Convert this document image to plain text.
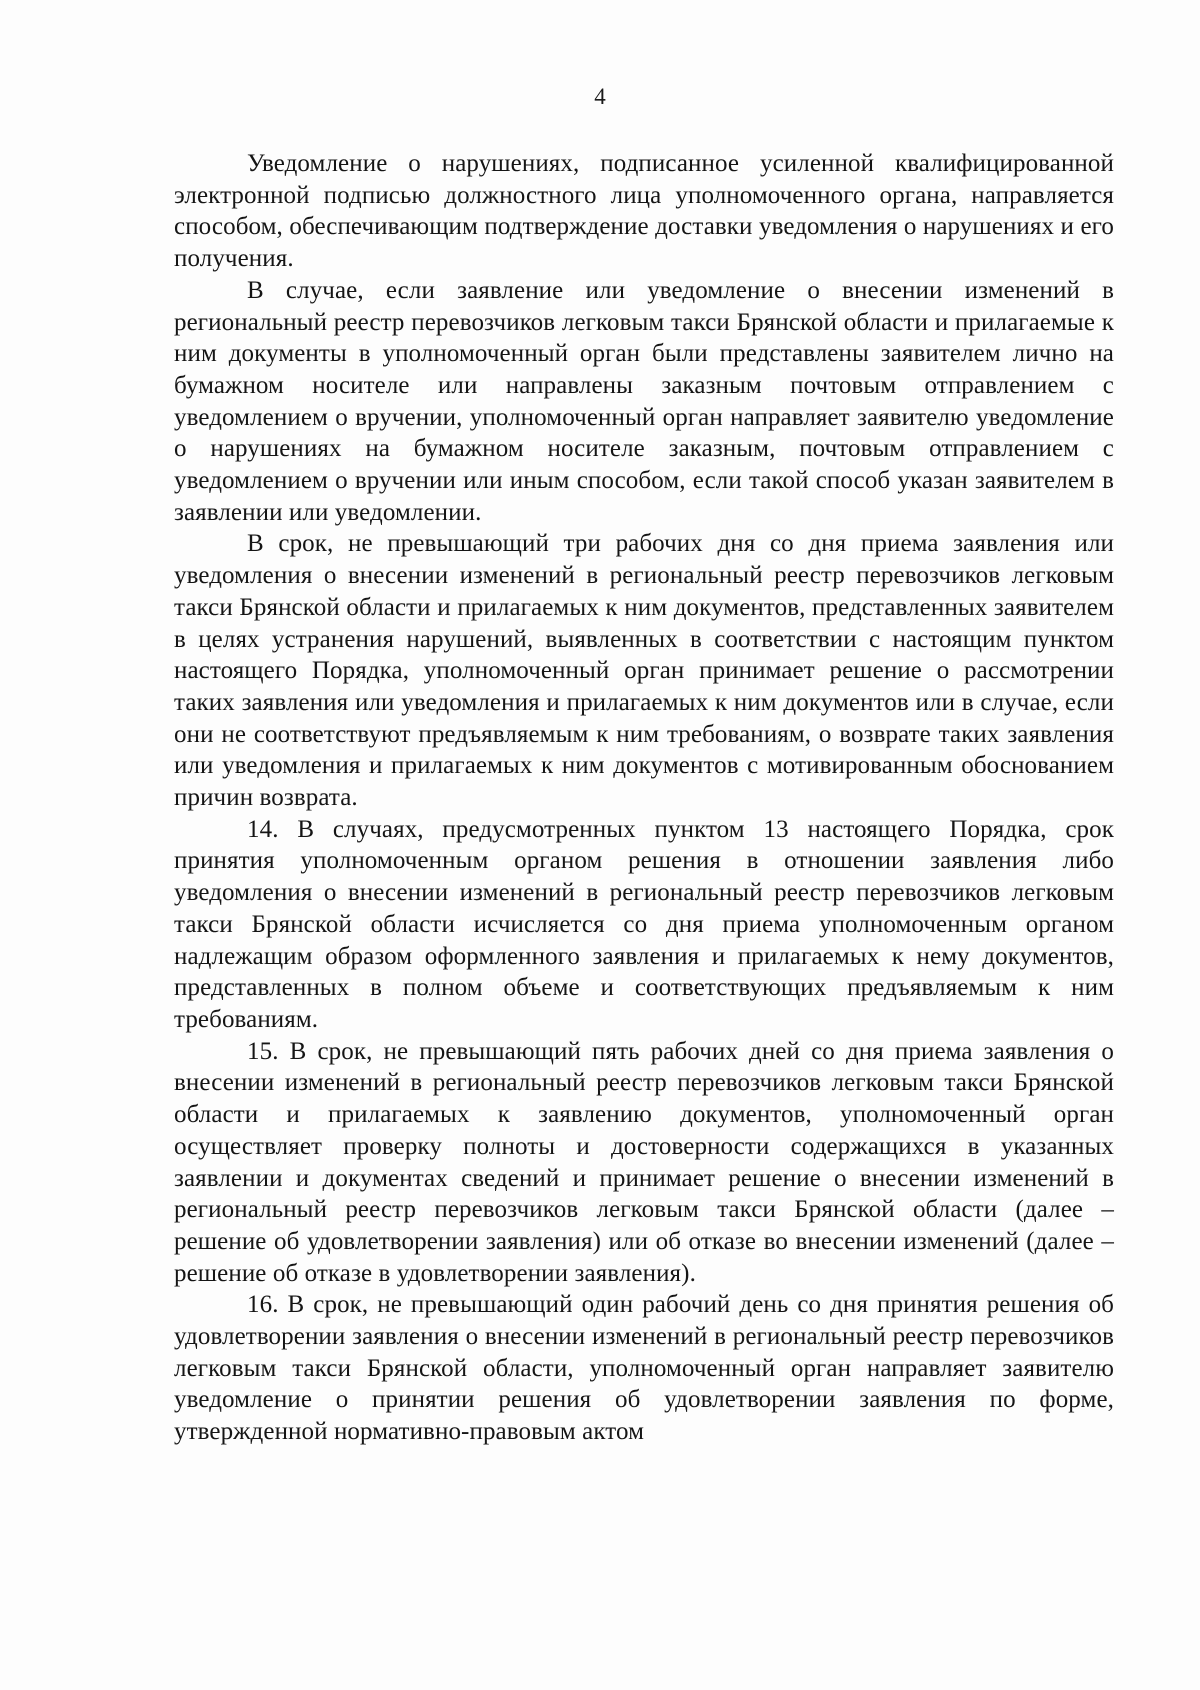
4

Уведомление о нарушениях, подписанное усиленной квалифицированной электронной подписью должностного лица уполномоченного органа, направляется способом, обеспечивающим подтверждение доставки уведомления о нарушениях и его получения.

В случае, если заявление или уведомление о внесении изменений в региональный реестр перевозчиков легковым такси Брянской области и прилагаемые к ним документы в уполномоченный орган были представлены заявителем лично на бумажном носителе или направлены заказным почтовым отправлением с уведомлением о вручении, уполномоченный орган направляет заявителю уведомление о нарушениях на бумажном носителе заказным, почтовым отправлением с уведомлением о вручении или иным способом, если такой способ указан заявителем в заявлении или уведомлении.

В срок, не превышающий три рабочих дня со дня приема заявления или уведомления о внесении изменений в региональный реестр перевозчиков легковым такси Брянской области и прилагаемых к ним документов, представленных заявителем в целях устранения нарушений, выявленных в соответствии с настоящим пунктом настоящего Порядка, уполномоченный орган принимает решение о рассмотрении таких заявления или уведомления и прилагаемых к ним документов или в случае, если они не соответствуют предъявляемым к ним требованиям, о возврате таких заявления или уведомления и прилагаемых к ним документов с мотивированным обоснованием причин возврата.

14. В случаях, предусмотренных пунктом 13 настоящего Порядка, срок принятия уполномоченным органом решения в отношении заявления либо уведомления о внесении изменений в региональный реестр перевозчиков легковым такси Брянской области исчисляется со дня приема уполномоченным органом надлежащим образом оформленного заявления и прилагаемых к нему документов, представленных в полном объеме и соответствующих предъявляемым к ним требованиям.

15. В срок, не превышающий пять рабочих дней со дня приема заявления о внесении изменений в региональный реестр перевозчиков легковым такси Брянской области и прилагаемых к заявлению документов, уполномоченный орган осуществляет проверку полноты и достоверности содержащихся в указанных заявлении и документах сведений и принимает решение о внесении изменений в региональный реестр перевозчиков легковым такси Брянской области (далее – решение об удовлетворении заявления) или об отказе во внесении изменений (далее – решение об отказе в удовлетворении заявления).

16. В срок, не превышающий один рабочий день со дня принятия решения об удовлетворении заявления о внесении изменений в региональный реестр перевозчиков легковым такси Брянской области, уполномоченный орган направляет заявителю уведомление о принятии решения об удовлетворении заявления по форме, утвержденной нормативно-правовым актом
